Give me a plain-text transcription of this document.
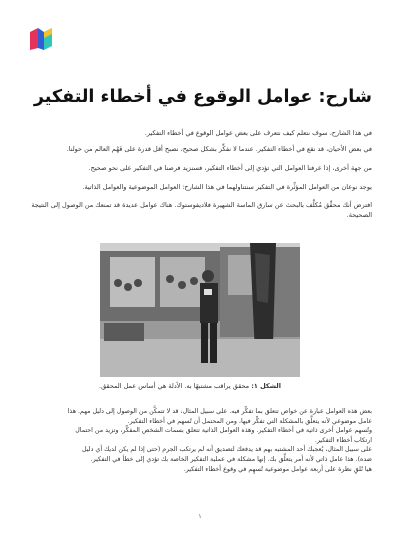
شارح: عوامل الوقوع في أخطاء التفكير

في هذا الشارح، سوف نتعلم كيف نتعرف على بعض عوامل الوقوع في أخطاء التفكير.

في بعض الأحيان، قد نقع في أخطاء التفكير. عندما لا نفكِّر بشكل صحيح، نصبح أقل قدرة على فَهْم العالم من حولنا.

من جهة أخرى، إذا عرفنا العوامل التي تؤدي إلى أخطاء التفكير، فسنزيد فرصنا في التفكير على نحو صحيح.

يوجد نوعان من العوامل المؤثِّرة في التفكير سنتناولهما في هذا الشارح: العوامل الموضوعية والعوامل الذاتية.

افترض أنك محقِّق مُكلَّف بالبحث عن سارق الماسة الشهيرة فلاديفوستوك. هناك عوامل عديدة قد تمنعك من الوصول إلى النتيجة الصحيحة.

الشكل ١: محقق يراقب مشتبهًا به. الأدلة هي أساس عمل المحقق.

بعض هذه العوامل عبارة عن خواص تتعلق بما تفكِّر فيه. على سبيل المثال، قد لا تتمكَّن من الوصول إلى دليل مهم. هذا

عامل موضوعي لأنه يتعلَّق بالمشكلة التي تفكِّر فيها، ومن المحتمل أن تُسهم في أخطاء التفكير.

وتُسهم عوامل أخرى ذاتية في أخطاء التفكير. وهذه العوامل الذاتية تتعلق بسمات الشخص المفكِّر، وتزيد من احتمال

ارتكاب أخطاء التفكير.

على سبيل المثال، يُعجبك أحد المشتبه بهم قد يدفعك لتصديق أنه لم يرتكب الجرم (حتى إذا لم يكن لديك أي دليل

ضده). هذا عامل ذاتي لأنه أمر يتعلَّق بك. إنها مشكلة في عملية التفكير الخاصة بك تؤدي إلى خطأ في التفكير.

هيا نُلقِ نظرة على أربعة عوامل موضوعية تُسهِم في وقوع أخطاء التفكير.

١
